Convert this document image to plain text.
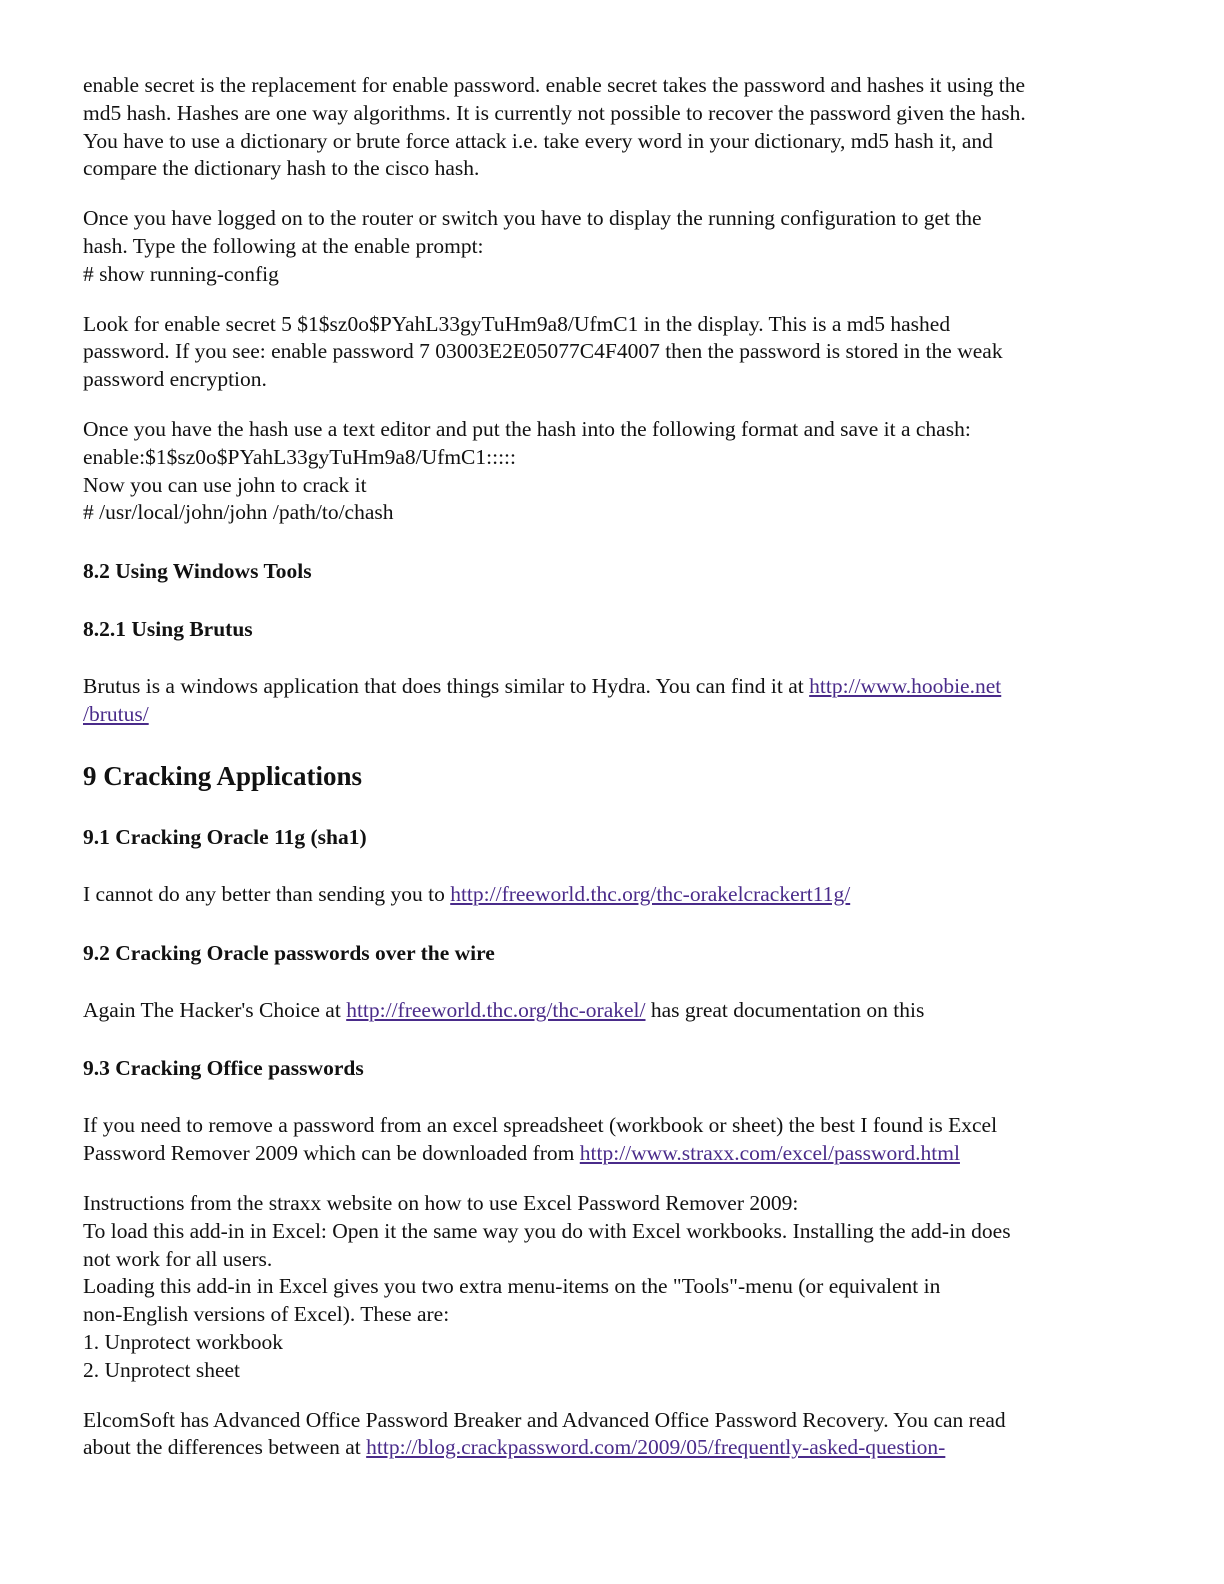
enable secret is the replacement for enable password. enable secret takes the password and hashes it using the
md5 hash. Hashes are one way algorithms. It is currently not possible to recover the password given the hash.
You have to use a dictionary or brute force attack i.e. take every word in your dictionary, md5 hash it, and
compare the dictionary hash to the cisco hash.

Once you have logged on to the router or switch you have to display the running configuration to get the
hash. Type the following at the enable prompt:
# show running-config

Look for enable secret 5 $1$sz0o$PYahL33gyTuHm9a8/UfmC1 in the display. This is a md5 hashed
password. If you see: enable password 7 03003E2E05077C4F4007 then the password is stored in the weak
password encryption.

Once you have the hash use a text editor and put the hash into the following format and save it a chash:
enable:$1$sz0o$PYahL33gyTuHm9a8/UfmC1:::::
Now you can use john to crack it
# /usr/local/john/john /path/to/chash

8.2 Using Windows Tools
8.2.1 Using Brutus

Brutus is a windows application that does things similar to Hydra. You can find it at http://www.hoobie.net
/brutus/

9 Cracking Applications
9.1 Cracking Oracle 11g (sha1)

I cannot do any better than sending you to http://freeworld.thc.org/thc-orakelcrackert11g/

9.2 Cracking Oracle passwords over the wire

Again The Hacker's Choice at http://freeworld.thc.org/thc-orakel/ has great documentation on this

9.3 Cracking Office passwords

If you need to remove a password from an excel spreadsheet (workbook or sheet) the best I found is Excel
Password Remover 2009 which can be downloaded from http://www.straxx.com/excel/password.html

Instructions from the straxx website on how to use Excel Password Remover 2009:
To load this add-in in Excel: Open it the same way you do with Excel workbooks. Installing the add-in does
not work for all users.
Loading this add-in in Excel gives you two extra menu-items on the "Tools"-menu (or equivalent in
non-English versions of Excel). These are:
1. Unprotect workbook
2. Unprotect sheet

ElcomSoft has Advanced Office Password Breaker and Advanced Office Password Recovery. You can read
about the differences between at http://blog.crackpassword.com/2009/05/frequently-asked-question-
